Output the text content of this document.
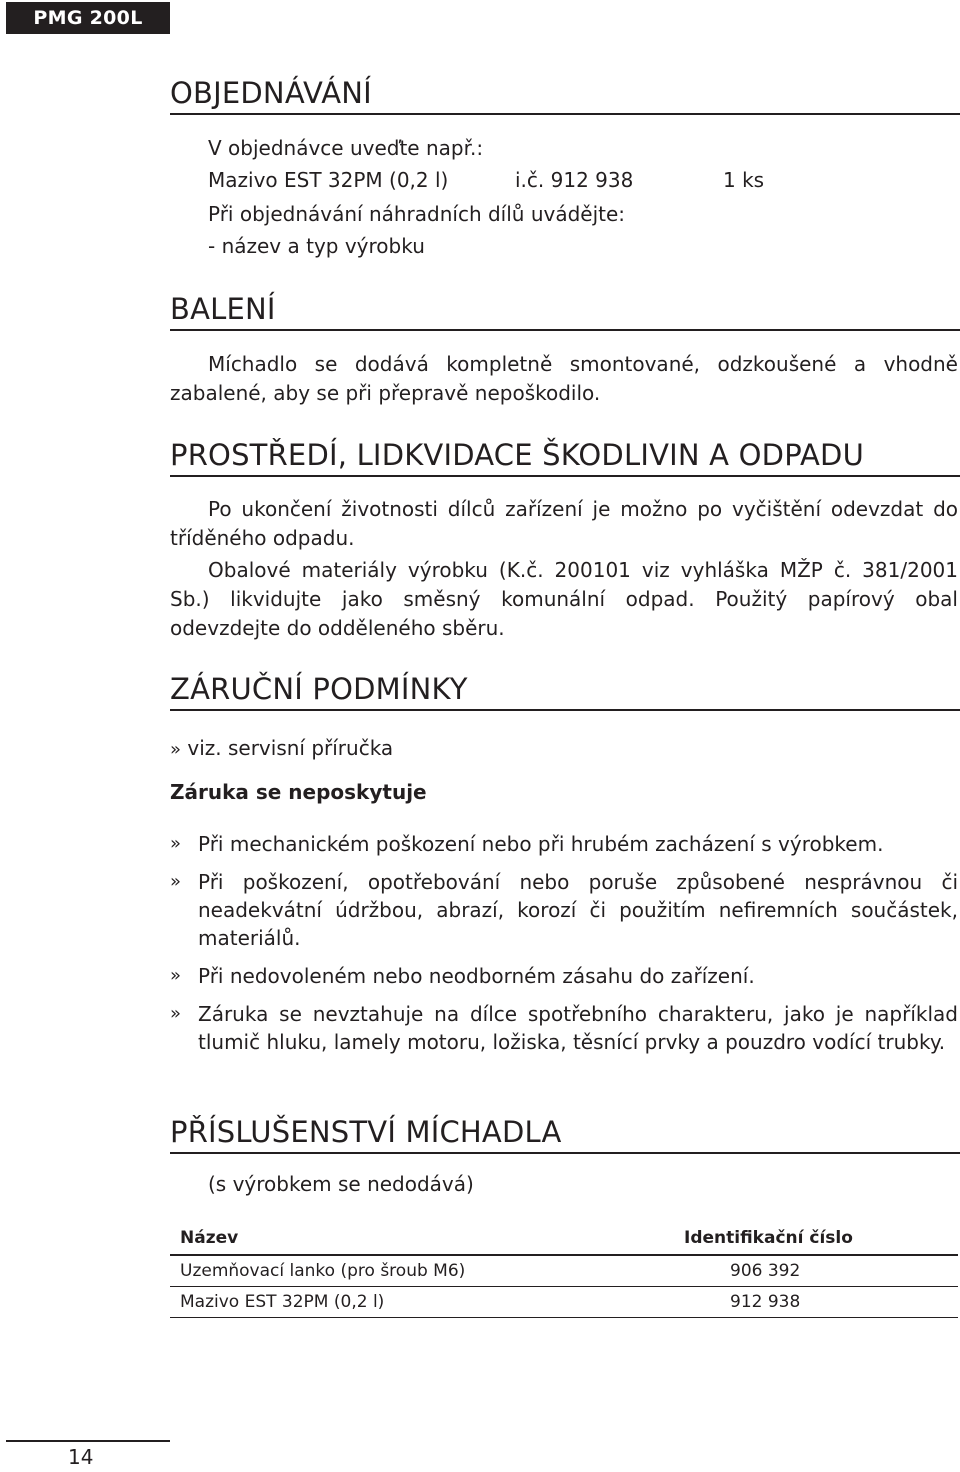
PMG 200L
OBJEDNÁVÁNÍ
V objednávce uveďte např.:
Mazivo EST 32PM (0,2 l)	i.č. 912 938	1 ks
Při objednávání náhradních dílů uvádějte:
- název a typ výrobku
BALENÍ
Míchadlo se dodává kompletně smontované, odzkoušené a vhodně zabalené, aby se při přepravě nepoškodilo.
PROSTŘEDÍ, LIDKVIDACE ŠKODLIVIN A ODPADU
Po ukončení životnosti dílců zařízení je možno po vyčištění odevzdat do tříděného odpadu.
Obalové materiály výrobku (K.č. 200101 viz vyhláška MŽP č. 381/2001 Sb.) likvidujte jako směsný komunální odpad. Použitý papírový obal odevzdejte do odděleného sběru.
ZÁRUČNÍ PODMÍNKY
» viz. servisní příručka
Záruka se neposkytuje
» Při mechanickém poškození nebo při hrubém zacházení s výrobkem.
» Při poškození, opotřebování nebo poruše způsobené nesprávnou či neadekvátní údržbou, abrazí, korozí či použitím nefiremních součástek, materiálů.
» Při nedovoleném nebo neodborném zásahu do zařízení.
» Záruka se nevztahuje na dílce spotřebního charakteru, jako je například tlumič hluku, lamely motoru, ložiska, těsnící prvky a pouzdro vodící trubky.
PŘÍSLUŠENSTVÍ MÍCHADLA
(s výrobkem se nedodává)
Název	Identifikační číslo
Uzemňovací lanko (pro šroub M6)	906 392
Mazivo EST 32PM (0,2 l)	912 938
14
